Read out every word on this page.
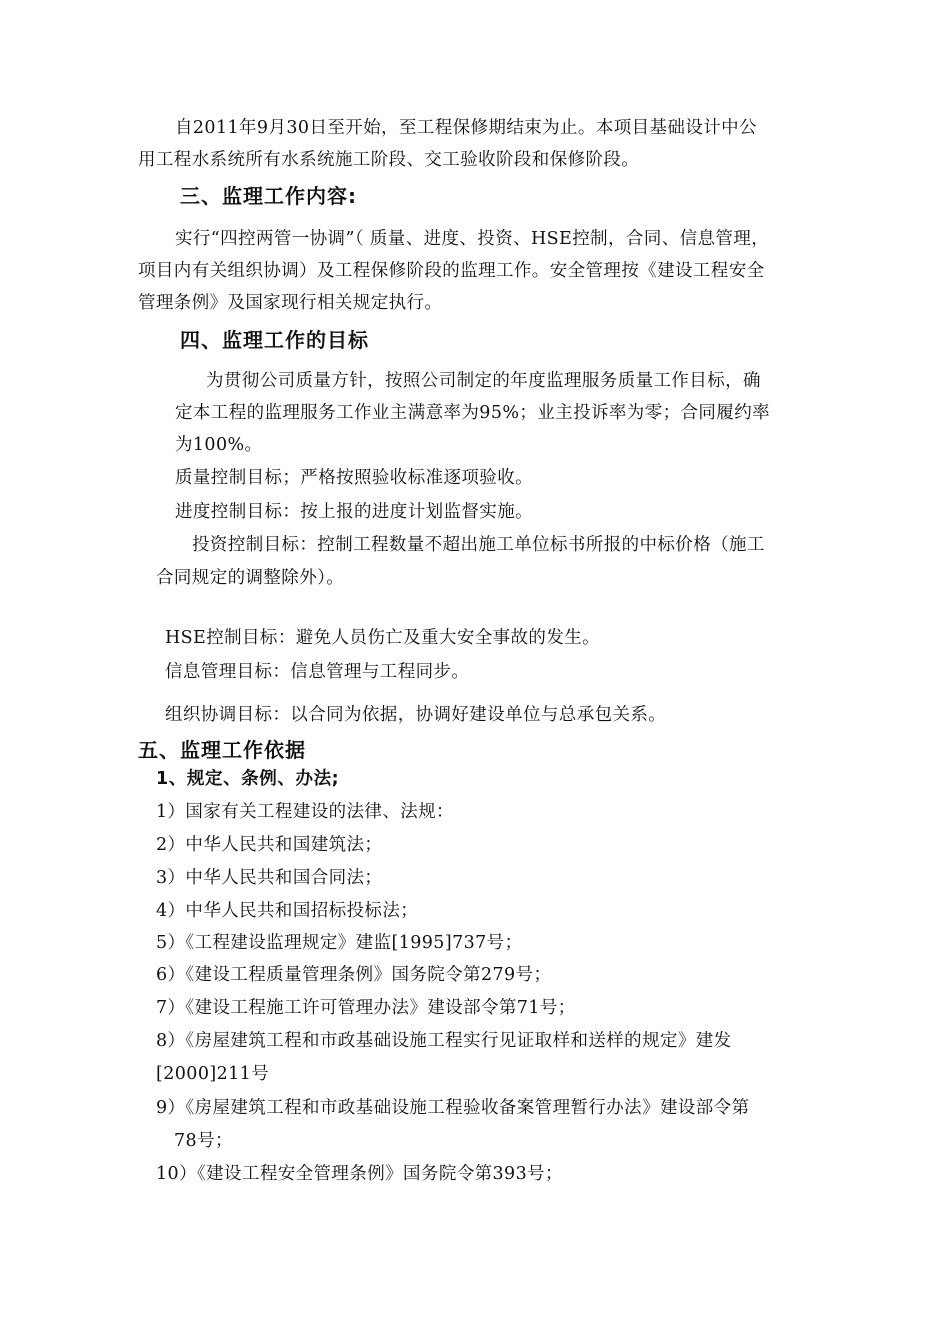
自2011年9月30日至开始，至工程保修期结束为止。本项目基础设计中公
用工程水系统所有水系统施工阶段、交工验收阶段和保修阶段。
三、监理工作内容:
实行“四控两管一协调”（ 质量、进度、投资、HSE控制，合同、信息管理，
项目内有关组织协调）及工程保修阶段的监理工作。安全管理按《建设工程安全
管理条例》及国家现行相关规定执行。
四、监理工作的目标
为贯彻公司质量方针，按照公司制定的年度监理服务质量工作目标，确
定本工程的监理服务工作业主满意率为95%；业主投诉率为零；合同履约率
为100%。
质量控制目标；严格按照验收标准逐项验收。
进度控制目标：按上报的进度计划监督实施。
投资控制目标：控制工程数量不超出施工单位标书所报的中标价格（施工
合同规定的调整除外）。
HSE控制目标：避免人员伤亡及重大安全事故的发生。
信息管理目标：信息管理与工程同步。
组织协调目标：以合同为依据，协调好建设单位与总承包关系。
五、监理工作依据
1、规定、条例、办法;
1）国家有关工程建设的法律、法规：
2）中华人民共和国建筑法；
3）中华人民共和国合同法；
4）中华人民共和国招标投标法；
5）《工程建设监理规定》建监[1995]737号；
6）《建设工程质量管理条例》国务院令第279号；
7）《建设工程施工许可管理办法》建设部令第71号；
8）《房屋建筑工程和市政基础设施工程实行见证取样和送样的规定》建发
[2000]211号
9）《房屋建筑工程和市政基础设施工程验收备案管理暂行办法》建设部令第
78号；
10）《建设工程安全管理条例》国务院令第393号；
